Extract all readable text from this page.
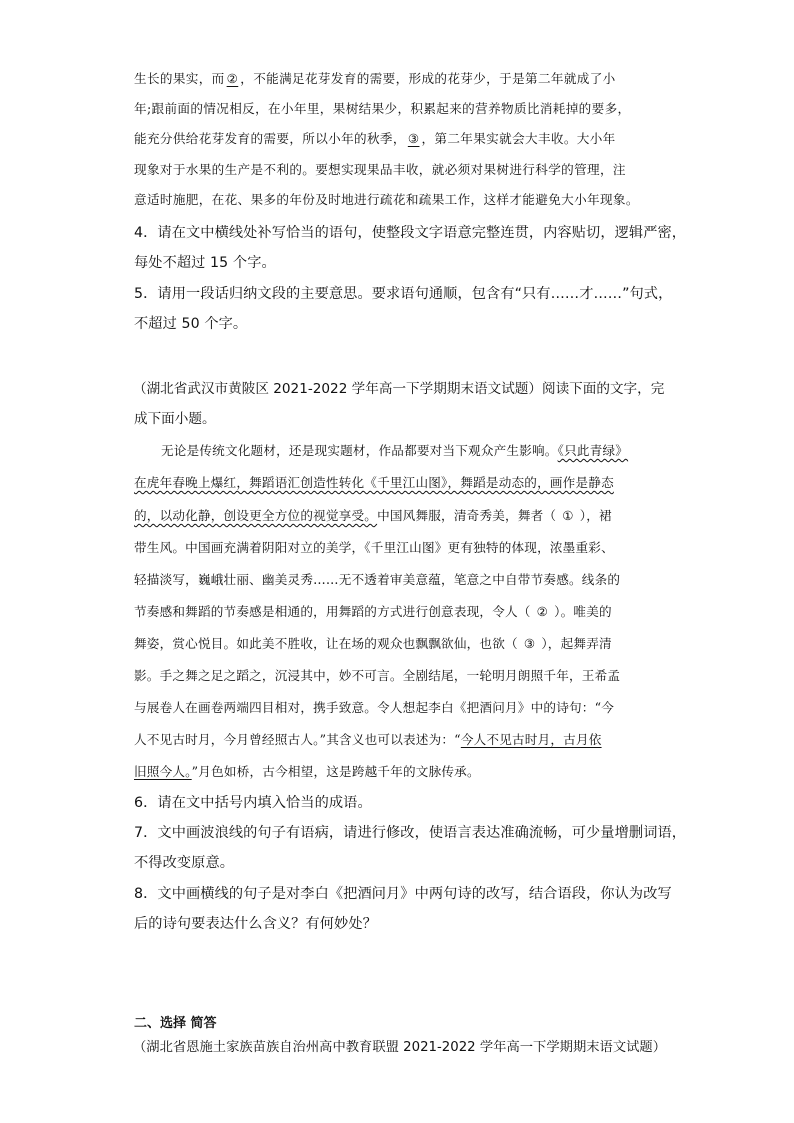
生长的果实，而 ② ，不能满足花芽发育的需要，形成的花芽少，于是第二年就成了小
年;跟前面的情况相反，在小年里，果树结果少，积累起来的营养物质比消耗掉的要多，
能充分供给花芽发育的需要，所以小年的秋季， ③ ，第二年果实就会大丰收。大小年
现象对于水果的生产是不利的。要想实现果品丰收，就必须对果树进行科学的管理，注
意适时施肥，在花、果多的年份及时地进行疏花和疏果工作，这样才能避免大小年现象。
4．请在文中横线处补写恰当的语句，使整段文字语意完整连贯，内容贴切，逻辑严密，
每处不超过 15 个字。
5．请用一段话归纳文段的主要意思。要求语句通顺，包含有“只有……才……”句式，
不超过 50 个字。
（湖北省武汉市黄陂区 2021-2022 学年高一下学期期末语文试题）阅读下面的文字，完
成下面小题。
无论是传统文化题材，还是现实题材，作品都要对当下观众产生影响。《只此青绿》
在虎年春晚上爆红，舞蹈语汇创造性转化《千里江山图》，舞蹈是动态的，画作是静态
的，以动化静，创设更全方位的视觉享受。中国风舞服，清奇秀美，舞者（ ① ），裙
带生风。中国画充满着阴阳对立的美学，《千里江山图》更有独特的体现，浓墨重彩、
轻描淡写，巍峨壮丽、幽美灵秀……无不透着审美意蕴，笔意之中自带节奏感。线条的
节奏感和舞蹈的节奏感是相通的，用舞蹈的方式进行创意表现，令人（ ② ）。唯美的
舞姿，赏心悦目。如此美不胜收，让在场的观众也飘飘欲仙，也欲（ ③ ），起舞弄清
影。手之舞之足之蹈之，沉浸其中，妙不可言。全剧结尾，一轮明月朗照千年，王希孟
与展卷人在画卷两端四目相对，携手致意。令人想起李白《把酒问月》中的诗句：“今
人不见古时月，今月曾经照古人。”其含义也可以表述为：“今人不见古时月，古月依
旧照今人。”月色如桥，古今相望，这是跨越千年的文脉传承。
6．请在文中括号内填入恰当的成语。
7．文中画波浪线的句子有语病，请进行修改，使语言表达准确流畅，可少量增删词语，
不得改变原意。
8．文中画横线的句子是对李白《把酒问月》中两句诗的改写，结合语段，你认为改写
后的诗句要表达什么含义？有何妙处？
二、选择 简答
（湖北省恩施土家族苗族自治州高中教育联盟 2021-2022 学年高一下学期期末语文试题）
